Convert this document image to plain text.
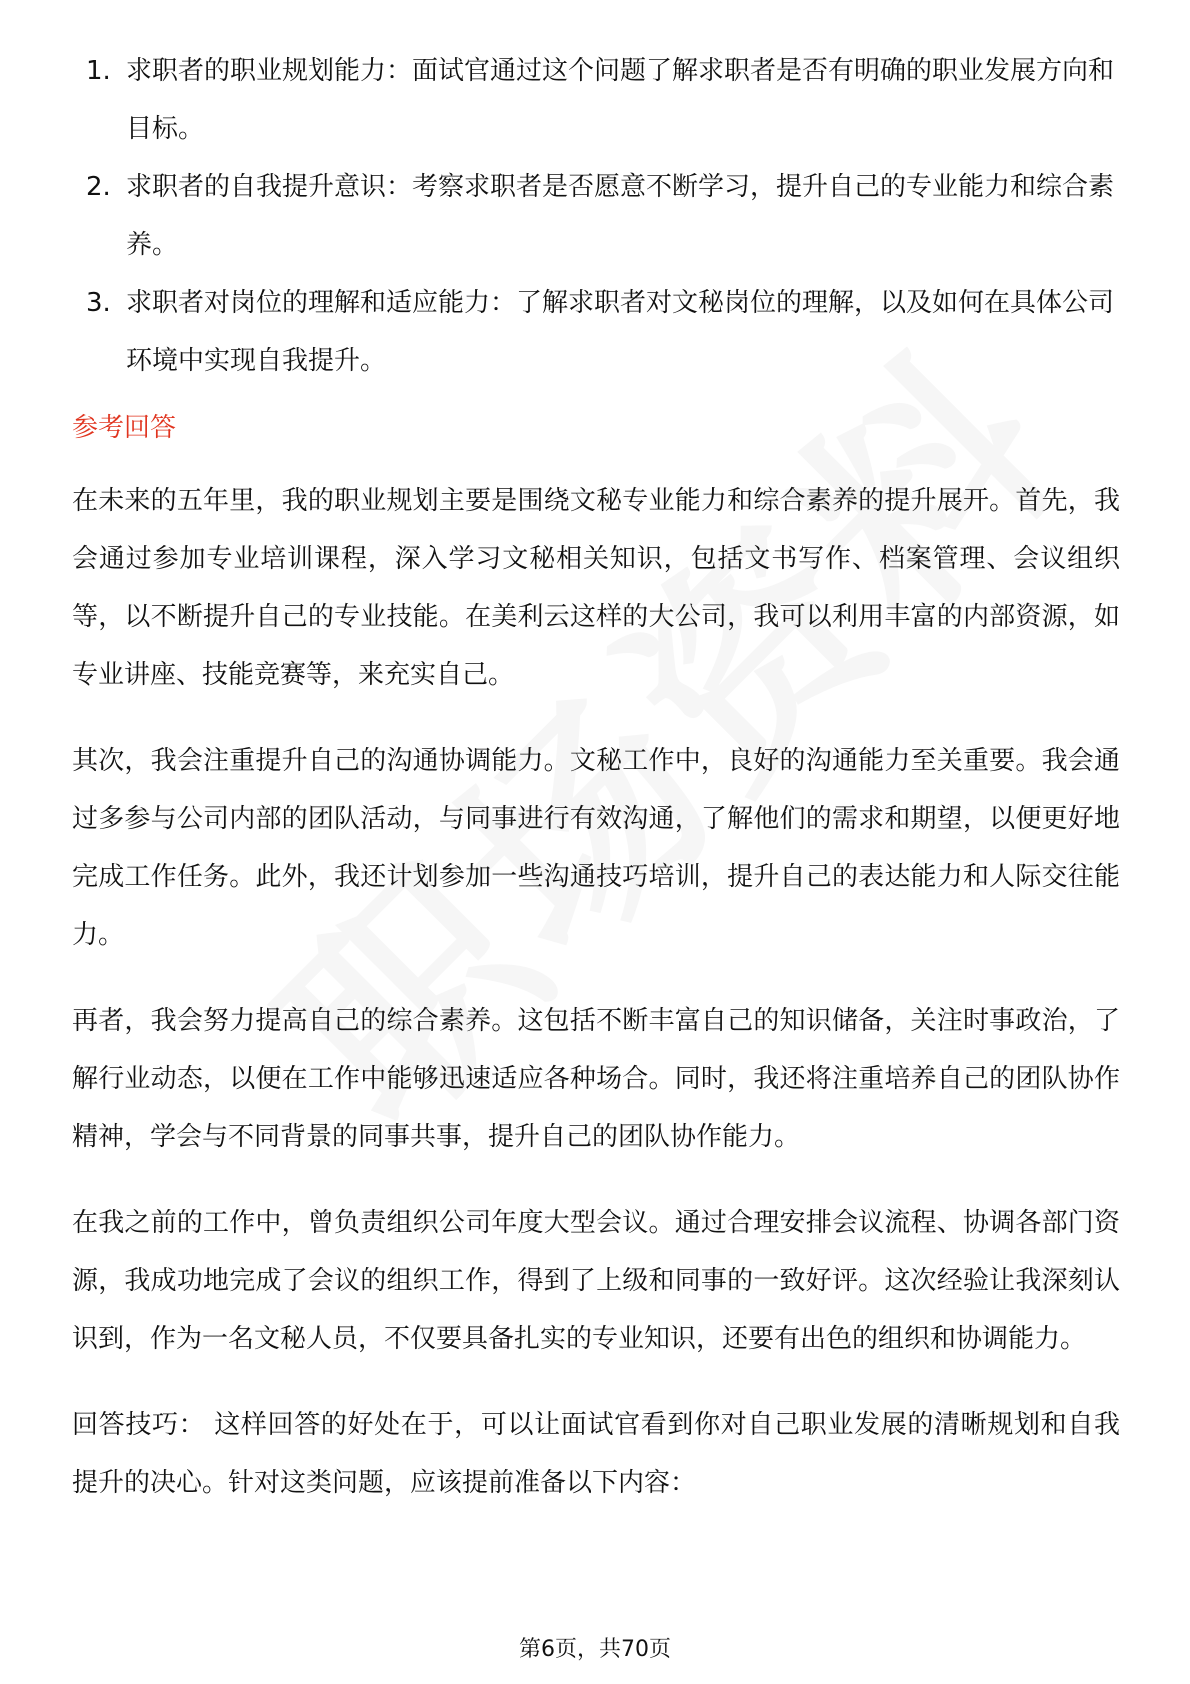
1. 求职者的职业规划能力：面试官通过这个问题了解求职者是否有明确的职业发展方向和目标。
2. 求职者的自我提升意识：考察求职者是否愿意不断学习，提升自己的专业能力和综合素养。
3. 求职者对岗位的理解和适应能力：了解求职者对文秘岗位的理解，以及如何在具体公司环境中实现自我提升。
参考回答

在未来的五年里，我的职业规划主要是围绕文秘专业能力和综合素养的提升展开。首先，我会通过参加专业培训课程，深入学习文秘相关知识，包括文书写作、档案管理、会议组织等，以不断提升自己的专业技能。在美利云这样的大公司，我可以利用丰富的内部资源，如专业讲座、技能竞赛等，来充实自己。

其次，我会注重提升自己的沟通协调能力。文秘工作中，良好的沟通能力至关重要。我会通过多参与公司内部的团队活动，与同事进行有效沟通，了解他们的需求和期望，以便更好地完成工作任务。此外，我还计划参加一些沟通技巧培训，提升自己的表达能力和人际交往能力。

再者，我会努力提高自己的综合素养。这包括不断丰富自己的知识储备，关注时事政治，了解行业动态，以便在工作中能够迅速适应各种场合。同时，我还将注重培养自己的团队协作精神，学会与不同背景的同事共事，提升自己的团队协作能力。

在我之前的工作中，曾负责组织公司年度大型会议。通过合理安排会议流程、协调各部门资源，我成功地完成了会议的组织工作，得到了上级和同事的一致好评。这次经验让我深刻认识到，作为一名文秘人员，不仅要具备扎实的专业知识，还要有出色的组织和协调能力。

回答技巧： 这样回答的好处在于，可以让面试官看到你对自己职业发展的清晰规划和自我提升的决心。针对这类问题，应该提前准备以下内容：

第6页，共70页
